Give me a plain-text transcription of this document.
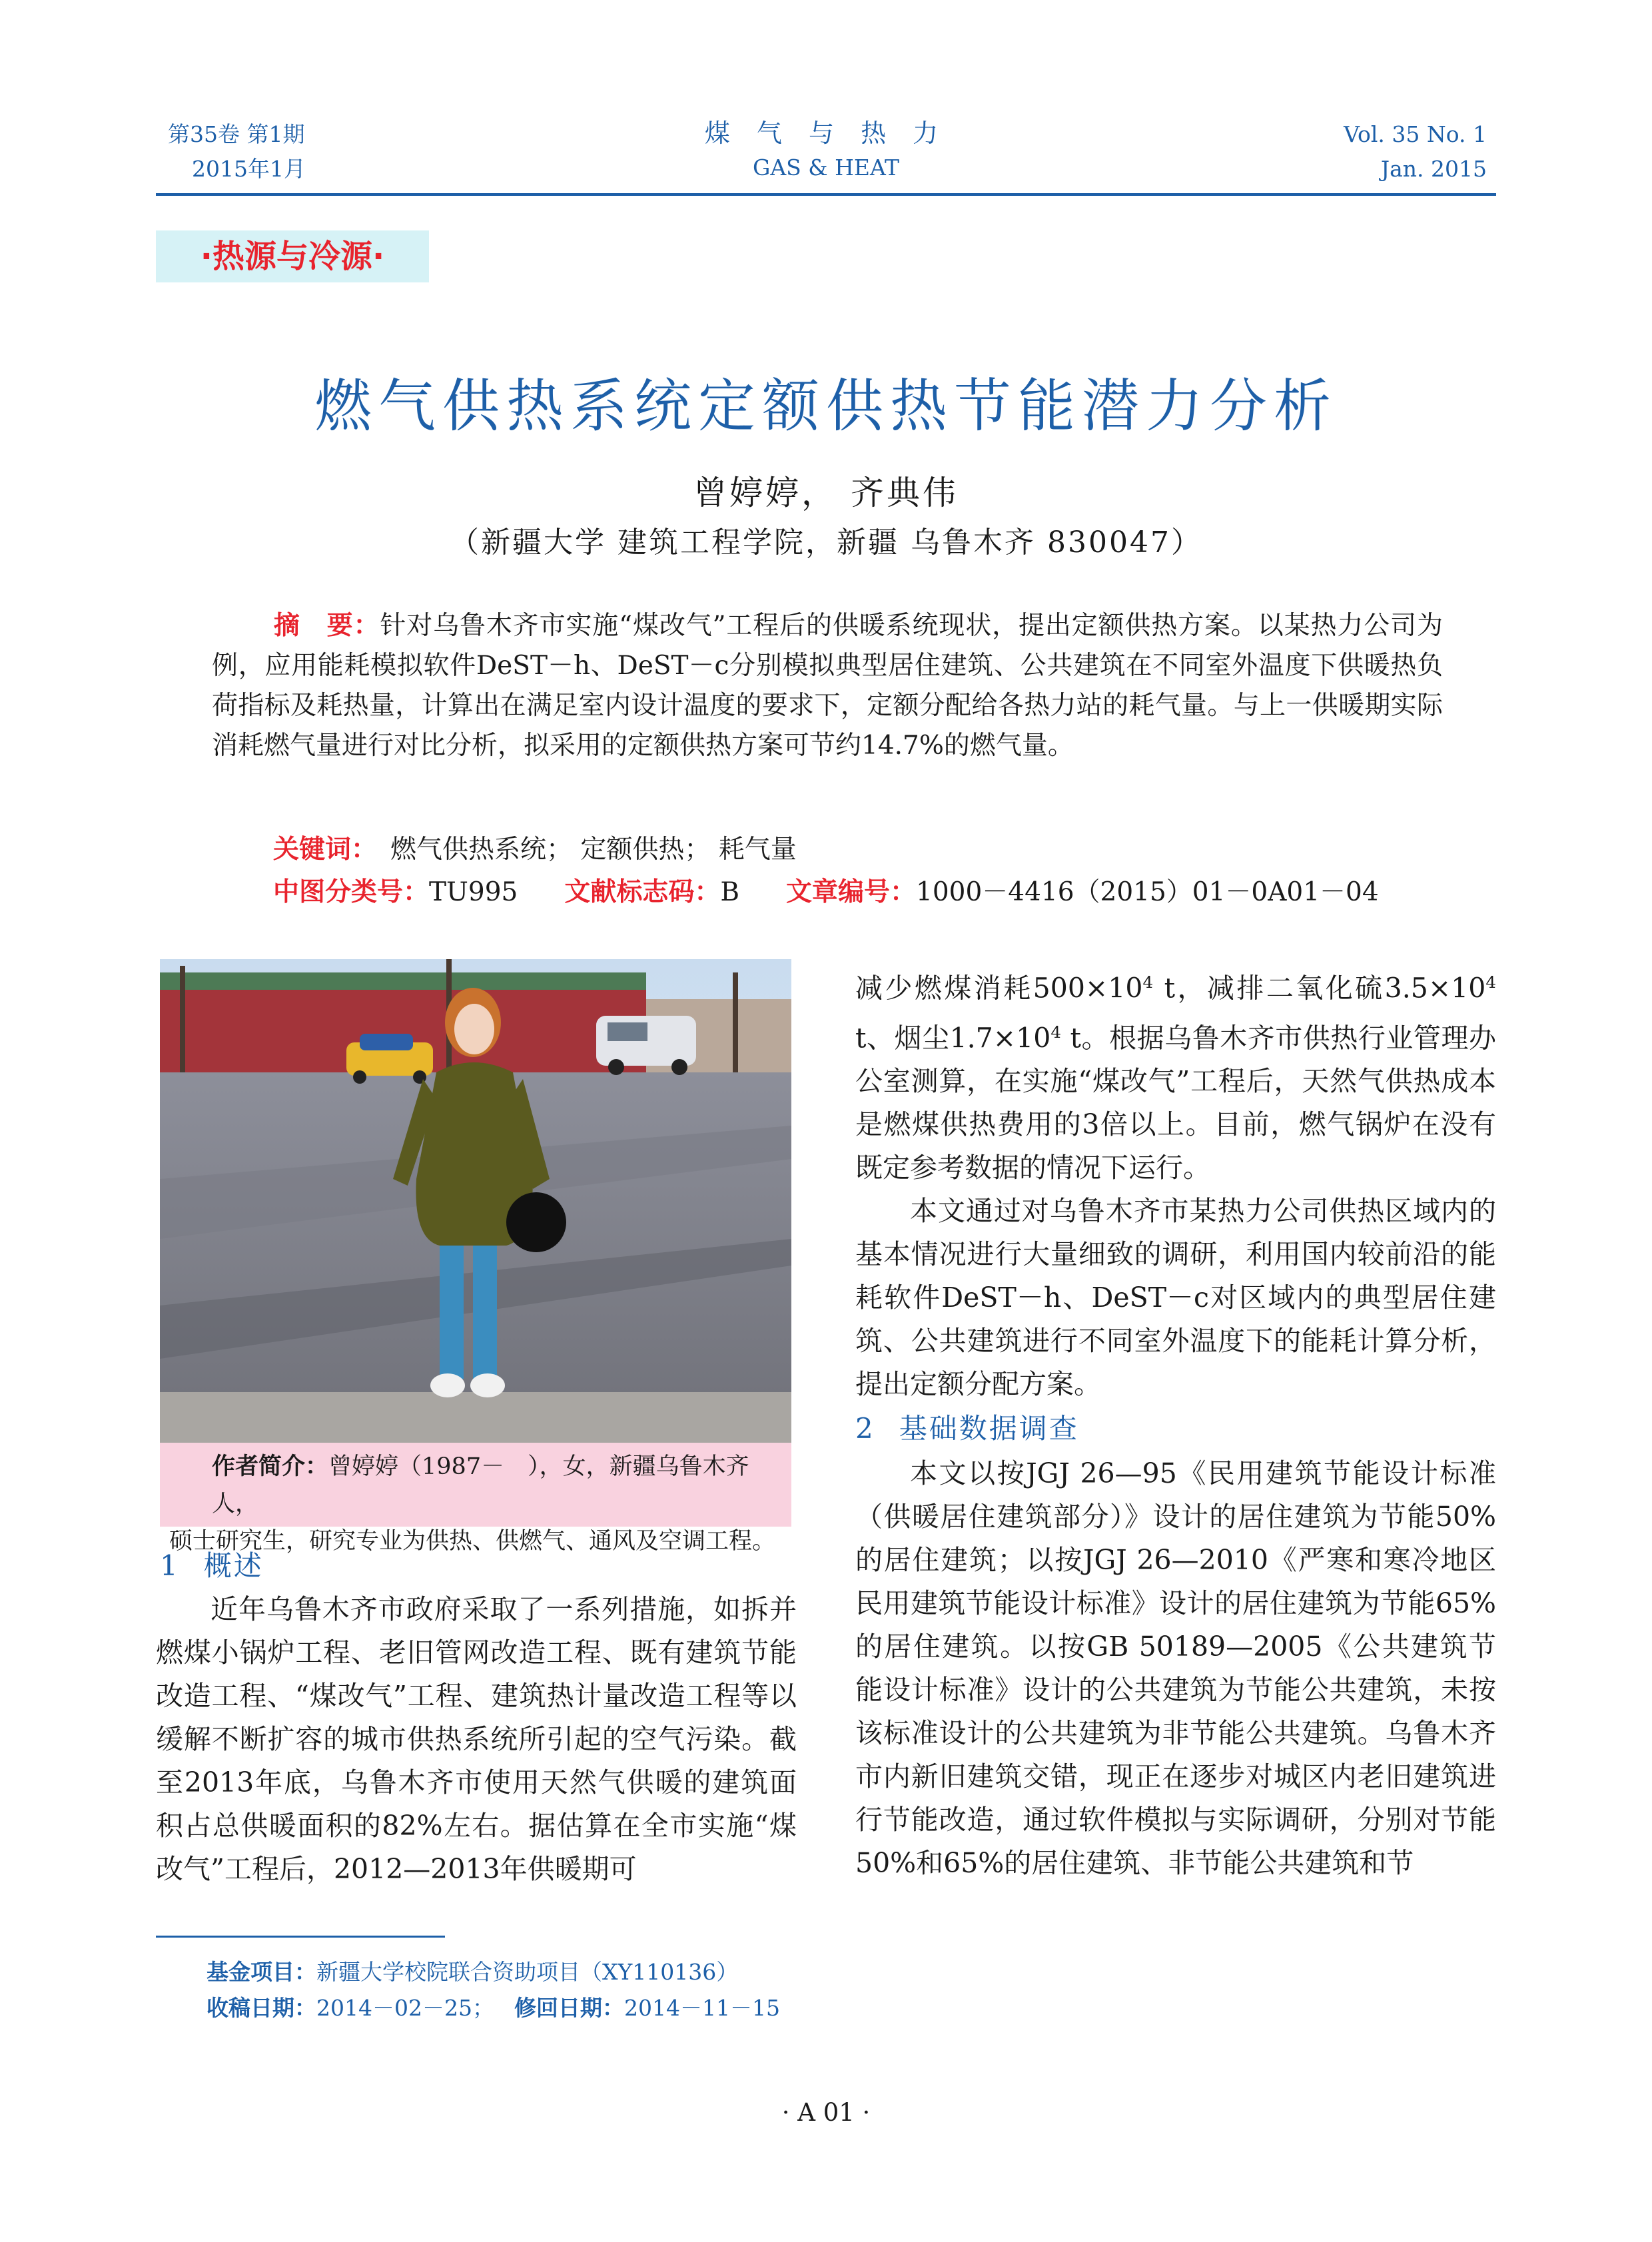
第35卷 第1期
2015年1月
煤 气 与 热 力
GAS & HEAT
Vol. 35 No. 1
Jan. 2015
·热源与冷源·
燃气供热系统定额供热节能潜力分析
曾婷婷， 齐典伟
（新疆大学 建筑工程学院，新疆 乌鲁木齐 830047）
摘　要：针对乌鲁木齐市实施“煤改气”工程后的供暖系统现状，提出定额供热方案。以某热力公司为例，应用能耗模拟软件DeST－h、DeST－c分别模拟典型居住建筑、公共建筑在不同室外温度下供暖热负荷指标及耗热量，计算出在满足室内设计温度的要求下，定额分配给各热力站的耗气量。与上一供暖期实际消耗燃气量进行对比分析，拟采用的定额供热方案可节约14.7%的燃气量。
关键词： 燃气供热系统； 定额供热； 耗气量
中图分类号：TU995 文献标志码：B 文章编号：1000－4416（2015）01－0A01－04
作者简介：曾婷婷（1987－　），女，新疆乌鲁木齐人，
硕士研究生，研究专业为供热、供燃气、通风及空调工程。
1 概述

近年乌鲁木齐市政府采取了一系列措施，如拆并燃煤小锅炉工程、老旧管网改造工程、既有建筑节能改造工程、“煤改气”工程、建筑热计量改造工程等以缓解不断扩容的城市供热系统所引起的空气污染。截至2013年底，乌鲁木齐市使用天然气供暖的建筑面积占总供暖面积的82%左右。据估算在全市实施“煤改气”工程后，2012—2013年供暖期可

减少燃煤消耗$500\times 10^4$ t，减排二氧化硫$3.5\times 10^4$ t、烟尘$1.7\times 10^4$ t。根据乌鲁木齐市供热行业管理办公室测算，在实施“煤改气”工程后，天然气供热成本是燃煤供热费用的3倍以上。目前，燃气锅炉在没有既定参考数据的情况下运行。

本文通过对乌鲁木齐市某热力公司供热区域内的基本情况进行大量细致的调研，利用国内较前沿的能耗软件DeST－h、DeST－c对区域内的典型居住建筑、公共建筑进行不同室外温度下的能耗计算分析，提出定额分配方案。

2 基础数据调查

本文以按JGJ 26—95《民用建筑节能设计标准（供暖居住建筑部分）》设计的居住建筑为节能50%的居住建筑；以按JGJ 26—2010《严寒和寒冷地区民用建筑节能设计标准》设计的居住建筑为节能65%的居住建筑。以按GB 50189—2005《公共建筑节能设计标准》设计的公共建筑为节能公共建筑，未按该标准设计的公共建筑为非节能公共建筑。乌鲁木齐市内新旧建筑交错，现正在逐步对城区内老旧建筑进行节能改造，通过软件模拟与实际调研，分别对节能50%和65%的居住建筑、非节能公共建筑和节

基金项目：新疆大学校院联合资助项目（XY110136）
收稿日期：2014－02－25； 修回日期：2014－11－15
· A 01 ·
